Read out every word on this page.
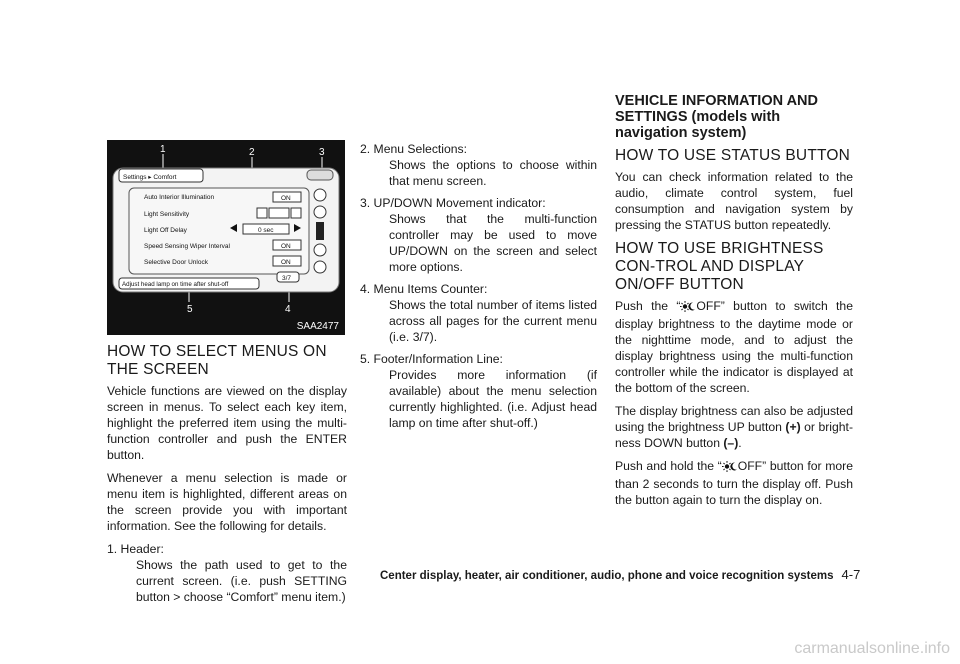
1	2	3
4
5
Settings ▸ Comfort
Auto Interior Illumination	ON
Light Sensitivity
Light Off Delay	0 sec
Speed Sensing Wiper Interval	ON
Selective Door Unlock	ON
3/7
Adjust head lamp on time after shut-off
SAA2477
HOW TO SELECT MENUS ON THE SCREEN

Vehicle functions are viewed on the display screen in menus. To select each key item, highlight the preferred item using the multi-function controller and push the ENTER button.

Whenever a menu selection is made or menu item is highlighted, different areas on the screen provide you with important information. See the following for details.

1. Header:
Shows the path used to get to the current screen. (i.e. push SETTING button > choose “Comfort” menu item.)
2. Menu Selections:
Shows the options to choose within that menu screen.
3. UP/DOWN Movement indicator:
Shows that the multi-function controller may be used to move UP/DOWN on the screen and select more options.
4. Menu Items Counter:
Shows the total number of items listed across all pages for the current menu (i.e. 3/7).
5. Footer/Information Line:
Provides more information (if available) about the menu selection currently highlighted. (i.e. Adjust head lamp on time after shut-off.)
VEHICLE INFORMATION AND SETTINGS (models with navigation system)
HOW TO USE STATUS BUTTON

You can check information related to the audio, climate control system, fuel consumption and navigation system by pressing the STATUS button repeatedly.

HOW TO USE BRIGHTNESS CON-TROL AND DISPLAY ON/OFF BUTTON

Push the “ OFF” button to switch the display brightness to the daytime mode or the nighttime mode, and to adjust the display brightness using the multi-function controller while the indicator is displayed at the bottom of the screen.

The display brightness can also be adjusted using the brightness UP button (+) or bright-ness DOWN button (–).

Push and hold the “ OFF” button for more than 2 seconds to turn the display off. Push the button again to turn the display on.

Center display, heater, air conditioner, audio, phone and voice recognition systems 4-7
carmanualsonline.info
